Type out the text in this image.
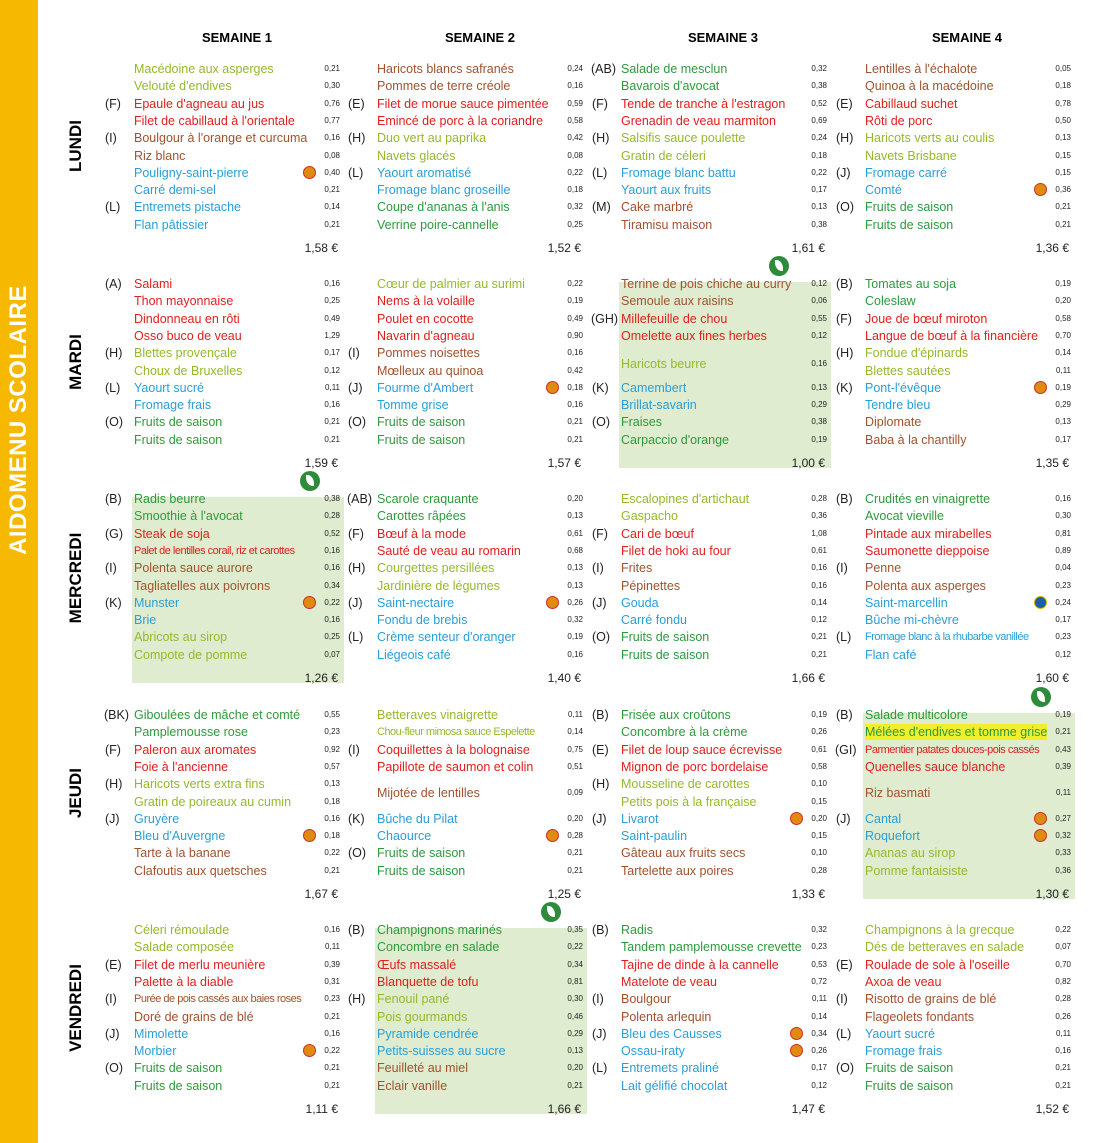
AIDOMENU SCOLAIRE
SEMAINE 1	SEMAINE 2	SEMAINE 3	SEMAINE 4
LUNDI
MARDI
MERCREDI
JEUDI
VENDREDI
Macédoine aux asperges	0,21
Velouté d'endives	0,30
(F) Epaule d'agneau au jus	0,76
Filet de cabillaud à l'orientale	0,77
(I) Boulgour à l'orange et curcuma 0,16
Riz blanc	0,08
Pouligny-saint-pierre	0,40
Carré demi-sel	0,21
(L) Entremets pistache	0,14
Flan pâtissier	0,21
1,58 €
Haricots blancs safranés	0,24
Pommes de terre créole	0,16
(E) Filet de morue sauce pimentée 0,59
Emincé de porc à la coriandre	0,58
(H) Duo vert au paprika	0,42
Navets glacés	0,08
(L) Yaourt aromatisé	0,22
Fromage blanc groseille	0,18
Coupe d'ananas à l'anis	0,32
Verrine poire-cannelle	0,25
1,52 €
(AB) Salade de mesclun	0,32
Bavarois d'avocat	0,38
(F) Tende de tranche à l'estragon	0,52
Grenadin de veau marmiton	0,69
(H) Salsifis sauce poulette	0,24
Gratin de céleri	0,18
(L) Fromage blanc battu	0,22
Yaourt aux fruits	0,17
(M) Cake marbré	0,13
Tiramisu maison	0,38
1,61 €
Lentilles à l'échalote	0,05
Quinoa à la macédoine	0,18
(E) Cabillaud suchet	0,78
Rôti de porc	0,50
(H) Haricots verts au coulis	0,13
Navets Brisbane	0,15
(J) Fromage carré	0,15
Comté	0,36
(O) Fruits de saison	0,21
Fruits de saison	0,21
1,36 €
(A) Salami	0,16
Thon mayonnaise	0,25
Dindonneau en rôti	0,49
Osso buco de veau	1,29
(H) Blettes provençale	0,17
Choux de Bruxelles	0,12
(L) Yaourt sucré	0,11
Fromage frais	0,16
(O) Fruits de saison	0,21
Fruits de saison	0,21
1,59 €
Cœur de palmier au surimi	0,22
Nems à la volaille	0,19
Poulet en cocotte	0,49
Navarin d'agneau	0,90
(I) Pommes noisettes	0,16
Mœlleux au quinoa	0,42
(J) Fourme d'Ambert	0,18
Tomme grise	0,16
(O) Fruits de saison	0,21
Fruits de saison	0,21
1,57 €
Terrine de pois chiche au curry	0,12
Semoule aux raisins	0,06
(GH) Millefeuille de chou	0,55
Omelette aux fines herbes	0,12
Haricots beurre	0,16
(K) Camembert	0,13
Brillat-savarin	0,29
(O) Fraises	0,38
Carpaccio d'orange	0,19
1,00 €
(B) Tomates au soja	0,19
Coleslaw	0,20
(F) Joue de bœuf miroton	0,58
Langue de bœuf à la financière 0,70
(H) Fondue d'épinards	0,14
Blettes sautées	0,11
(K) Pont-l'évêque	0,19
Tendre bleu	0,29
Diplomate	0,13
Baba à la chantilly	0,17
1,35 €
(B) Radis beurre	0,38
Smoothie à l'avocat	0,28
(G) Steak de soja	0,52
Palet de lentilles corail, riz et carottes	0,16
(I) Polenta sauce aurore	0,16
Tagliatelles aux poivrons	0,34
(K) Munster	0,22
Brie	0,16
Abricots au sirop	0,25
Compote de pomme	0,07
1,26 €
(AB) Scarole craquante	0,20
Carottes râpées	0,13
(F) Bœuf à la mode	0,61
Sauté de veau au romarin	0,68
(H) Courgettes persillées	0,13
Jardinière de légumes	0,13
(J) Saint-nectaire	0,26
Fondu de brebis	0,32
(L) Crème senteur d'oranger	0,19
Liégeois café	0,16
1,40 €
Escalopines d'artichaut	0,28
Gaspacho	0,36
(F) Cari de bœuf	1,08
Filet de hoki au four	0,61
(I) Frites	0,16
Pépinettes	0,16
(J) Gouda	0,14
Carré fondu	0,12
(O) Fruits de saison	0,21
Fruits de saison	0,21
1,66 €
(B) Crudités en vinaigrette	0,16
Avocat vieville	0,30
Pintade aux mirabelles	0,81
Saumonette dieppoise	0,89
(I) Penne	0,04
Polenta aux asperges	0,23
Saint-marcellin	0,24
Bûche mi-chèvre	0,17
(L) Fromage blanc à la rhubarbe vanillée	0,23
Flan café	0,12
1,60 €
(BK) Giboulées de mâche et comté	0,55
Pamplemousse rose	0,23
(F) Paleron aux aromates	0,92
Foie à l'ancienne	0,57
(H) Haricots verts extra fins	0,13
Gratin de poireaux au cumin	0,18
(J) Gruyère	0,16
Bleu d'Auvergne	0,18
Tarte à la banane	0,22
Clafoutis aux quetsches	0,21
1,67 €
Betteraves vinaigrette	0,11
Chou-fleur mimosa sauce Espelette	0,14
(I) Coquillettes à la bolognaise	0,75
Papillote de saumon et colin	0,51
Mijotée de lentilles	0,09
(K) Bûche du Pilat	0,20
Chaource	0,28
(O) Fruits de saison	0,21
Fruits de saison	0,21
1,25 €
(B) Frisée aux croûtons	0,19
Concombre à la crème	0,26
(E) Filet de loup sauce écrevisse	0,61
Mignon de porc bordelaise	0,58
(H) Mousseline de carottes	0,10
Petits pois à la française	0,15
(J) Livarot	0,20
Saint-paulin	0,15
Gâteau aux fruits secs	0,10
Tartelette aux poires	0,28
1,33 €
(B) Salade multicolore	0,19
Mélées d'endives et tomme grise 0,21
(GI) Parmentier patates douces-pois cassés 0,43
Quenelles sauce blanche	0,39
Riz basmati	0,11
(J) Cantal	0,27
Roquefort	0,32
Ananas au sirop	0,33
Pomme fantaisiste	0,36
1,30 €
Céleri rémoulade	0,16
Salade composée	0,11
(E) Filet de merlu meunière	0,39
Palette à la diable	0,31
(I) Purée de pois cassés aux baies roses	0,23
Doré de grains de blé	0,21
(J) Mimolette	0,16
Morbier	0,22
(O) Fruits de saison	0,21
Fruits de saison	0,21
1,11 €
(B) Champignons marinés	0,35
Concombre en salade	0,22
Œufs massalé	0,34
Blanquette de tofu	0,81
(H) Fenouil pané	0,30
Pois gourmands	0,46
Pyramide cendrée	0,29
Petits-suisses au sucre	0,13
Feuilleté au miel	0,20
Eclair vanille	0,21
1,66 €
(B) Radis	0,32
Tandem pamplemousse crevette 0,23
Tajine de dinde à la cannelle	0,53
Matelote de veau	0,72
(I) Boulgour	0,11
Polenta arlequin	0,14
(J) Bleu des Causses	0,34
Ossau-iraty	0,26
(L) Entremets praliné	0,17
Lait gélifié chocolat	0,12
1,47 €
Champignons à la grecque	0,22
Dés de betteraves en salade	0,07
(E) Roulade de sole à l'oseille	0,70
Axoa de veau	0,82
(I) Risotto de grains de blé	0,28
Flageolets fondants	0,26
(L) Yaourt sucré	0,11
Fromage frais	0,16
(O) Fruits de saison	0,21
Fruits de saison	0,21
1,52 €
